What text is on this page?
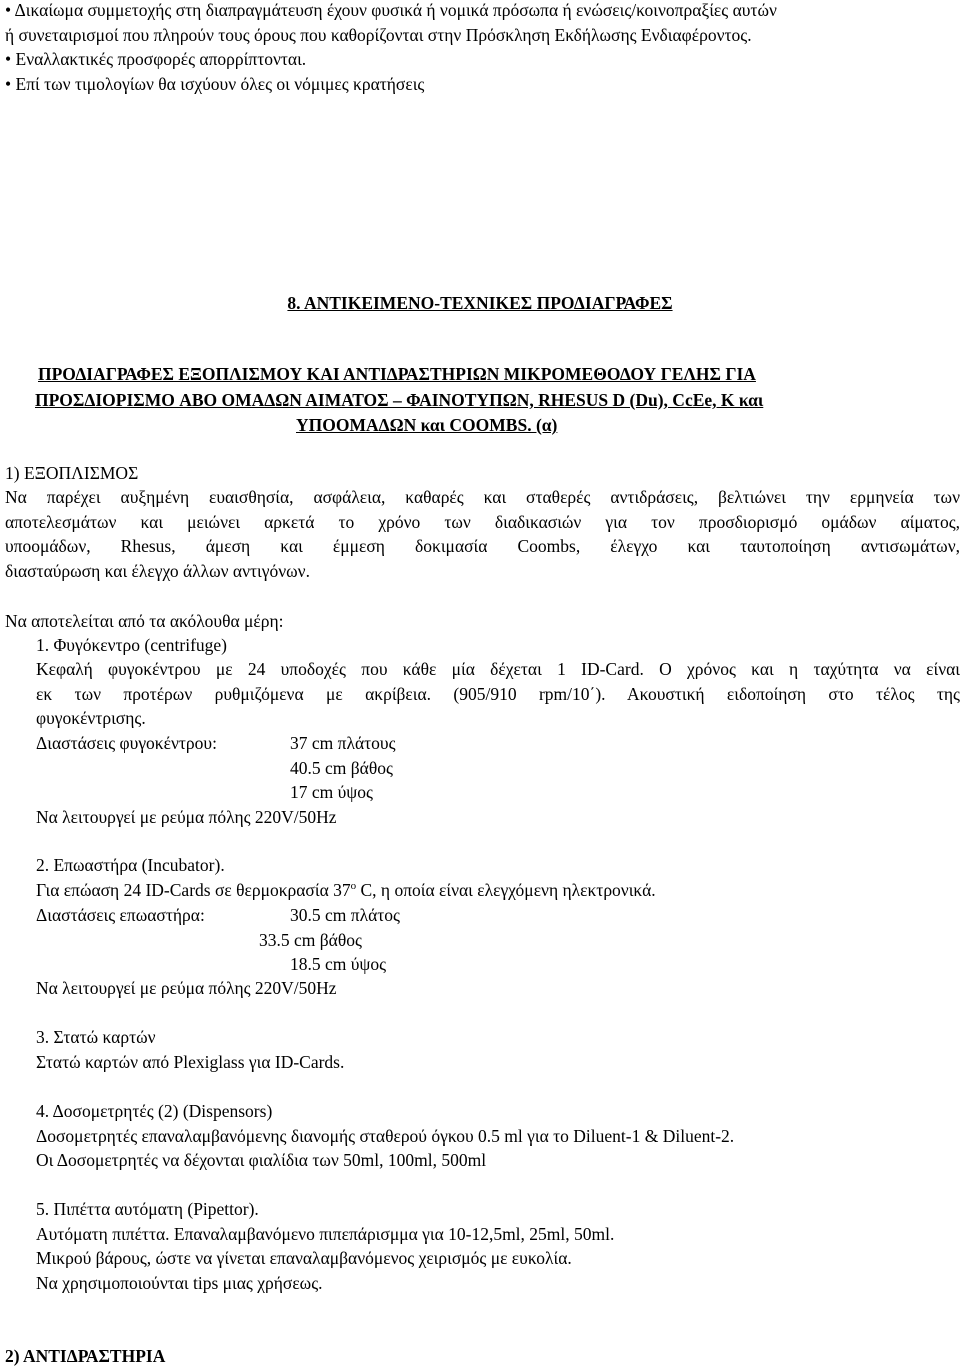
• Δικαίωμα συμμετοχής στη διαπραγμάτευση έχουν φυσικά ή νομικά πρόσωπα ή ενώσεις/κοινοπραξίες αυτών
ή συνεταιρισμοί που πληρούν τους όρους που καθορίζονται στην Πρόσκληση Εκδήλωσης Ενδιαφέροντος.
• Εναλλακτικές προσφορές απορρίπτονται.
• Επί των τιμολογίων θα ισχύουν όλες οι νόμιμες κρατήσεις
8. ΑΝΤΙΚΕΙΜΕΝΟ-ΤΕΧΝΙΚΕΣ ΠΡΟΔΙΑΓΡΑΦΕΣ
ΠΡΟΔΙΑΓΡΑΦΕΣ ΕΞΟΠΛΙΣΜΟΥ ΚΑΙ ΑΝΤΙΔΡΑΣΤΗΡΙΩΝ ΜΙΚΡΟΜΕΘΟΔΟΥ ΓΕΛΗΣ ΓΙΑ
ΠΡΟΣΔΙΟΡΙΣΜΟ ABO ΟΜΑΔΩΝ ΑΙΜΑΤΟΣ – ΦΑΙΝΟΤΥΠΩΝ, RHESUS D (Du), CcEe, K και
ΥΠΟΟΜΑΔΩΝ και COOMBS. (α)
1) ΕΞΟΠΛΙΣΜΟΣ
Να παρέχει αυξημένη ευαισθησία, ασφάλεια, καθαρές και σταθερές αντιδράσεις, βελτιώνει την ερμηνεία των
αποτελεσμάτων και μειώνει αρκετά το χρόνο των διαδικασιών για τον προσδιορισμό ομάδων αίματος,
υποομάδων, Rhesus, άμεση και έμμεση δοκιμασία Coombs, έλεγχο και ταυτοποίηση αντισωμάτων,
διασταύρωση και έλεγχο άλλων αντιγόνων.
Να αποτελείται από τα ακόλουθα μέρη:
1. Φυγόκεντρο (centrifuge)
Κεφαλή φυγοκέντρου με 24 υποδοχές που κάθε μία δέχεται 1 ID-Card. Ο χρόνος και η ταχύτητα να είναι
εκ των προτέρων ρυθμιζόμενα με ακρίβεια. (905/910 rpm/10΄). Ακουστική ειδοποίηση στο τέλος της
φυγοκέντρισης.
Διαστάσεις φυγοκέντρου:	37 cm πλάτους
40.5 cm βάθος
17 cm ύψος
Να λειτουργεί με ρεύμα πόλης 220V/50Hz
2. Επωαστήρα (Incubator).
Για επώαση 24 ID-Cards σε θερμοκρασία $37^o$ C, η οποία είναι ελεγχόμενη ηλεκτρονικά.
Διαστάσεις επωαστήρα:	30.5 cm πλάτος
33.5 cm βάθος
18.5 cm ύψος
Να λειτουργεί με ρεύμα πόλης 220V/50Hz
3. Στατώ καρτών
Στατώ καρτών από Plexiglass για ID-Cards.
4. Δοσομετρητές (2) (Dispensors)
Δοσομετρητές επαναλαμβανόμενης διανομής σταθερού όγκου 0.5 ml για το Diluent-1 & Diluent-2.
Οι Δοσομετρητές να δέχονται φιαλίδια των 50ml, 100ml, 500ml
5. Πιπέττα αυτόματη (Pipettor).
Αυτόματη πιπέττα. Επαναλαμβανόμενο πιπεπάρισμμα για 10-12,5ml, 25ml, 50ml.
Μικρού βάρους, ώστε να γίνεται επαναλαμβανόμενος χειρισμός με ευκολία.
Να χρησιμοποιούνται tips μιας χρήσεως.
2) ΑΝΤΙΔΡΑΣΤΗΡΙΑ
